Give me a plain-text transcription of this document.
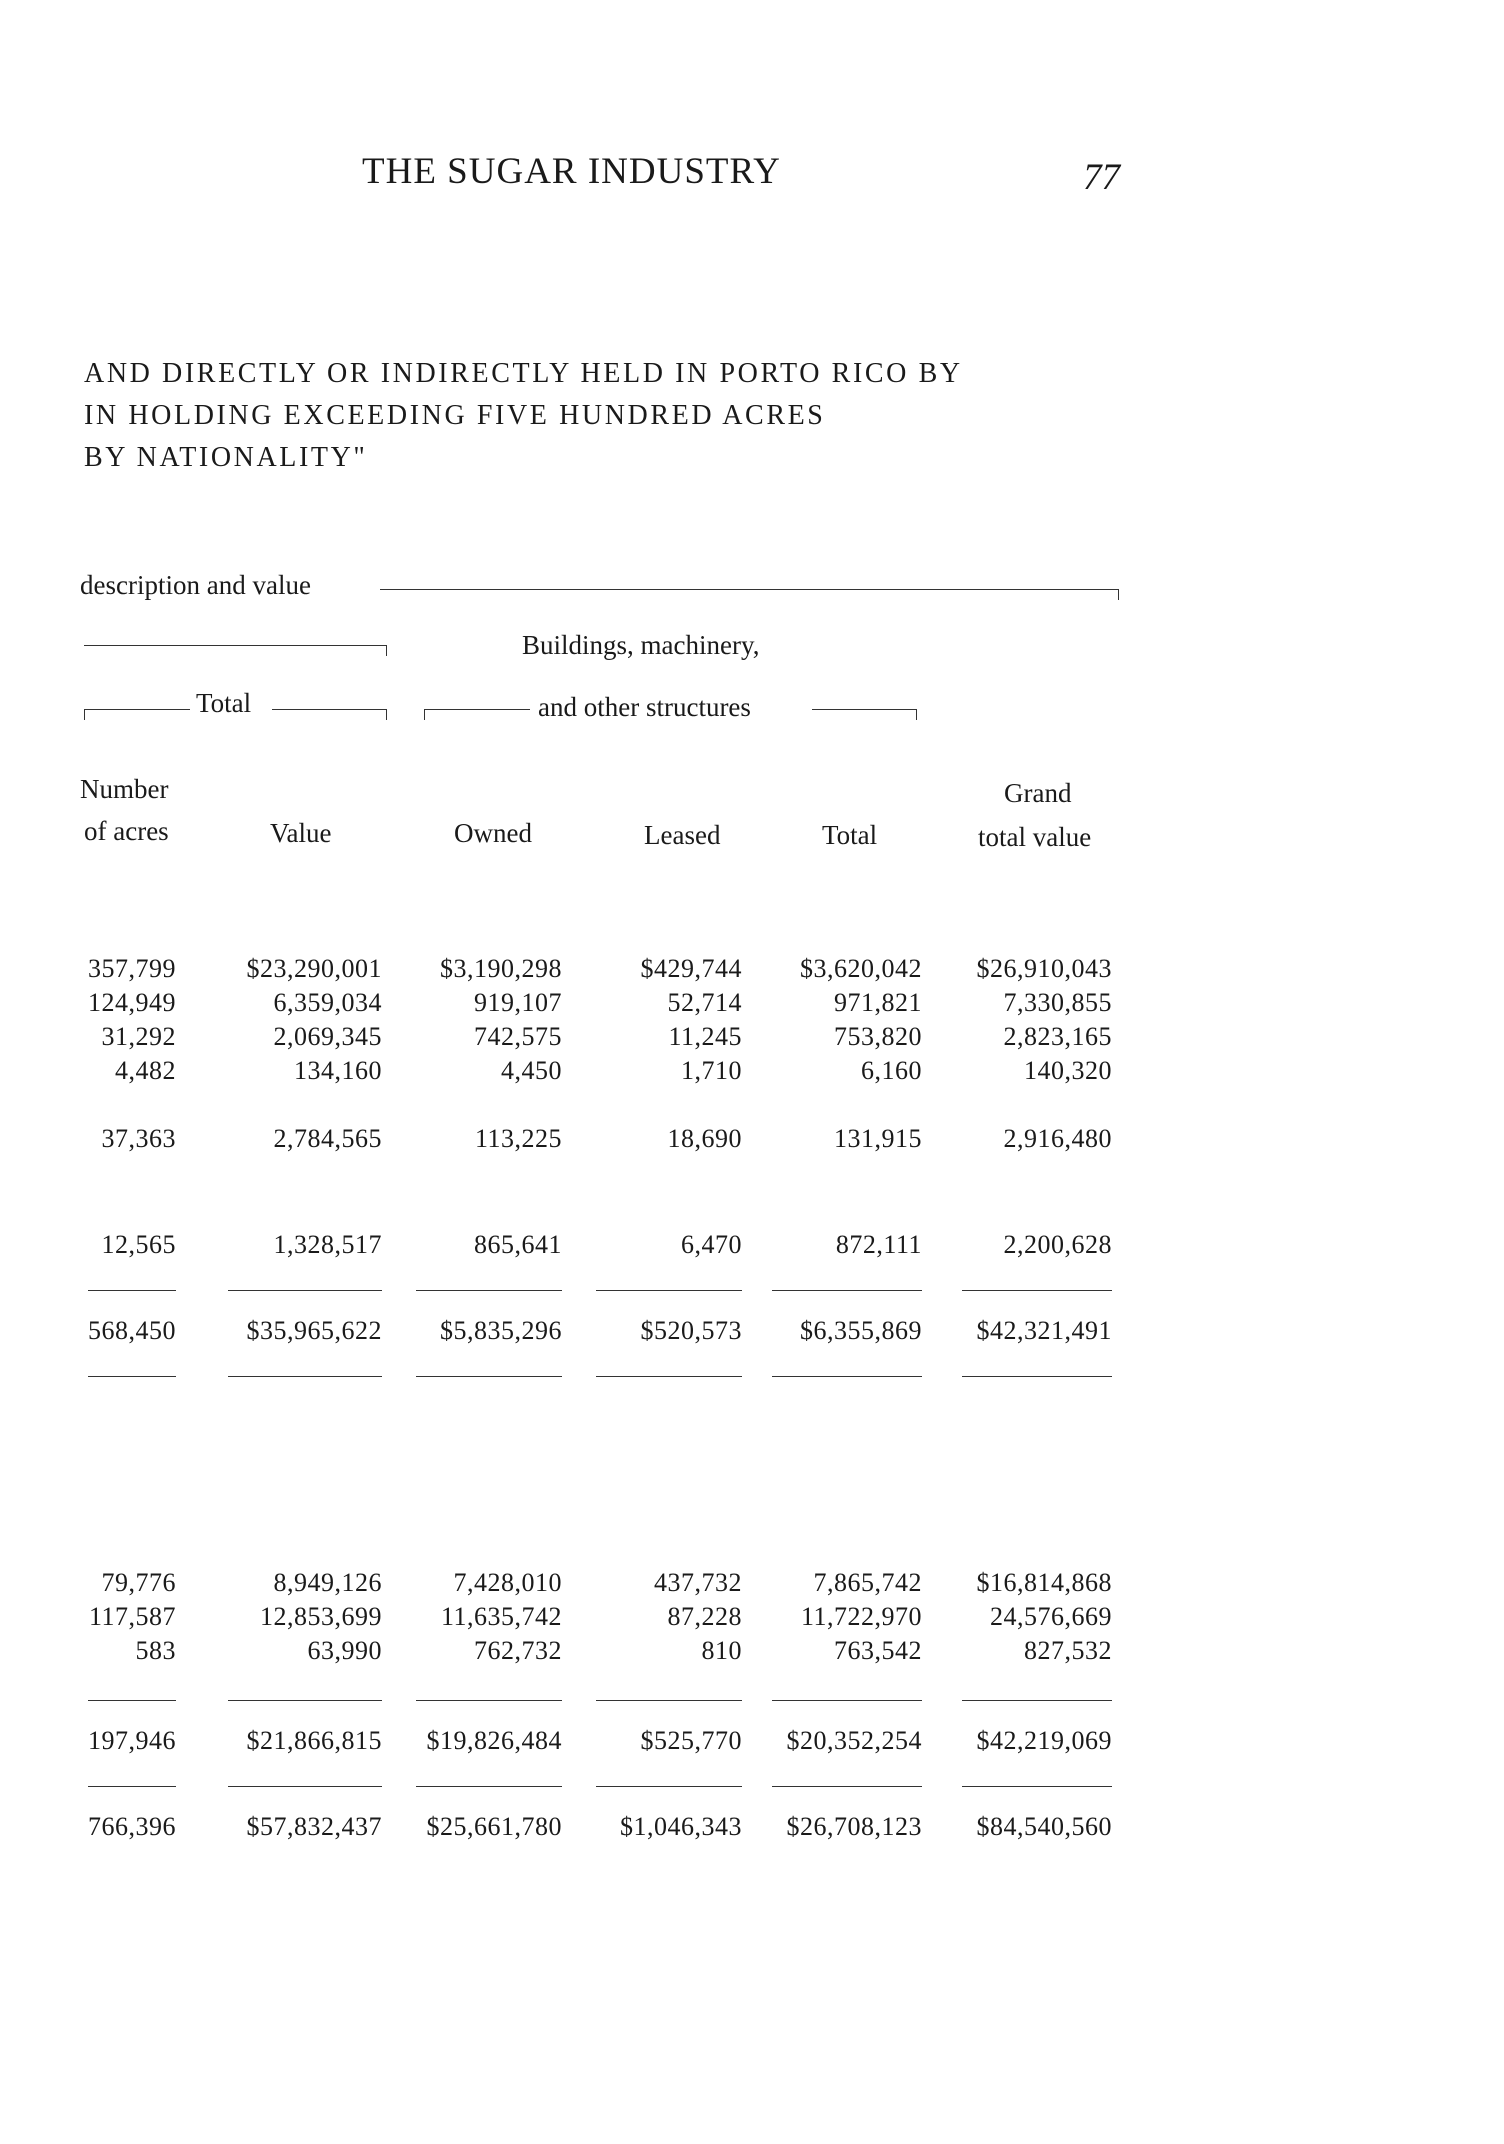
THE SUGAR INDUSTRY	77
AND DIRECTLY OR INDIRECTLY HELD IN PORTO RICO BY
IN HOLDING EXCEEDING FIVE HUNDRED ACRES
BY NATIONALITY"
description and value
Buildings, machinery,
Total	and other structures
Number
of acres	Value	Owned	Leased	Total
Grand
total value
357,799	$23,290,001 $3,190,298	$429,744 $3,620,042 $26,910,043
124,949	6,359,034	919,107	52,714	971,821	7,330,855
31,292	2,069,345	742,575	11,245	753,820	2,823,165
4,482	134,160	4,450	1,710	6,160	140,320
37,363	2,784,565	113,225	18,690	131,915	2,916,480
12,565	1,328,517	865,641	6,470	872,111	2,200,628
568,450	$35,965,622 $5,835,296	$520,573 $6,355,869 $42,321,491
79,776	8,949,126	7,428,010	437,732	7,865,742 $16,814,868
117,587	12,853,699 11,635,742	87,228 11,722,970	24,576,669
583	63,990	762,732	810	763,542	827,532
197,946	$21,866,815 $19,826,484	$525,770 $20,352,254 $42,219,069
766,396	$57,832,437 $25,661,780 $1,046,343 $26,708,123 $84,540,560
